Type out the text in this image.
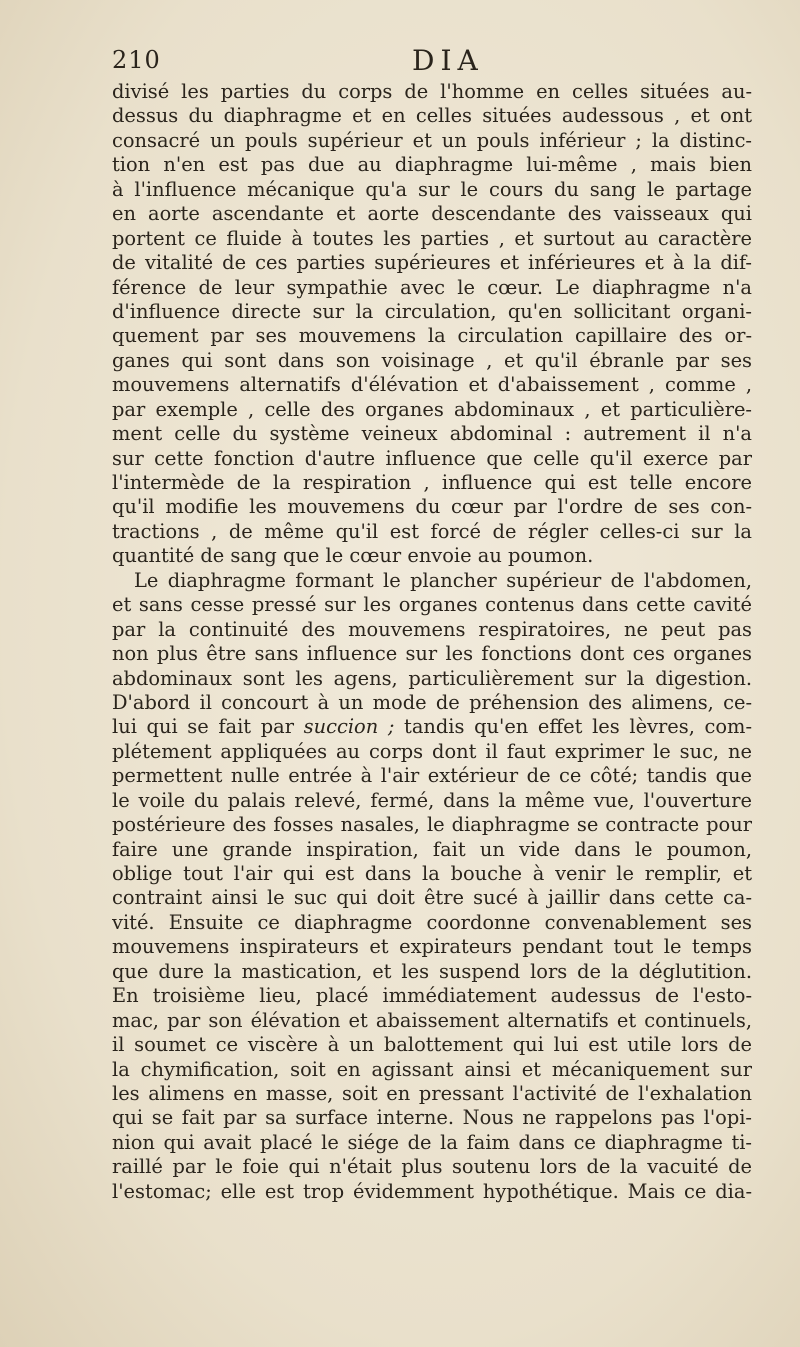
210	DIA
divisé les parties du corps de l'homme en celles situées au-
dessus du diaphragme et en celles situées audessous , et ont
consacré un pouls supérieur et un pouls inférieur ; la distinc-
tion n'en est pas due au diaphragme lui-même , mais bien
à l'influence mécanique qu'a sur le cours du sang le partage
en aorte ascendante et aorte descendante des vaisseaux qui
portent ce fluide à toutes les parties , et surtout au caractère
de vitalité de ces parties supérieures et inférieures et à la dif-
férence de leur sympathie avec le cœur. Le diaphragme n'a
d'influence directe sur la circulation, qu'en sollicitant organi-
quement par ses mouvemens la circulation capillaire des or-
ganes qui sont dans son voisinage , et qu'il ébranle par ses
mouvemens alternatifs d'élévation et d'abaissement , comme ,
par exemple , celle des organes abdominaux , et particulière-
ment celle du système veineux abdominal : autrement il n'a
sur cette fonction d'autre influence que celle qu'il exerce par
l'intermède de la respiration , influence qui est telle encore
qu'il modifie les mouvemens du cœur par l'ordre de ses con-
tractions , de même qu'il est forcé de régler celles-ci sur la
quantité de sang que le cœur envoie au poumon.
Le diaphragme formant le plancher supérieur de l'abdomen,
et sans cesse pressé sur les organes contenus dans cette cavité
par la continuité des mouvemens respiratoires, ne peut pas
non plus être sans influence sur les fonctions dont ces organes
abdominaux sont les agens, particulièrement sur la digestion.
D'abord il concourt à un mode de préhension des alimens, ce-
lui qui se fait par succion ; tandis qu'en effet les lèvres, com-
plétement appliquées au corps dont il faut exprimer le suc, ne
permettent nulle entrée à l'air extérieur de ce côté; tandis que
le voile du palais relevé, fermé, dans la même vue, l'ouverture
postérieure des fosses nasales, le diaphragme se contracte pour
faire une grande inspiration, fait un vide dans le poumon,
oblige tout l'air qui est dans la bouche à venir le remplir, et
contraint ainsi le suc qui doit être sucé à jaillir dans cette ca-
vité. Ensuite ce diaphragme coordonne convenablement ses
mouvemens inspirateurs et expirateurs pendant tout le temps
que dure la mastication, et les suspend lors de la déglutition.
En troisième lieu, placé immédiatement audessus de l'esto-
mac, par son élévation et abaissement alternatifs et continuels,
il soumet ce viscère à un balottement qui lui est utile lors de
la chymification, soit en agissant ainsi et mécaniquement sur
les alimens en masse, soit en pressant l'activité de l'exhalation
qui se fait par sa surface interne. Nous ne rappelons pas l'opi-
nion qui avait placé le siége de la faim dans ce diaphragme ti-
raillé par le foie qui n'était plus soutenu lors de la vacuité de
l'estomac; elle est trop évidemment hypothétique. Mais ce dia-
